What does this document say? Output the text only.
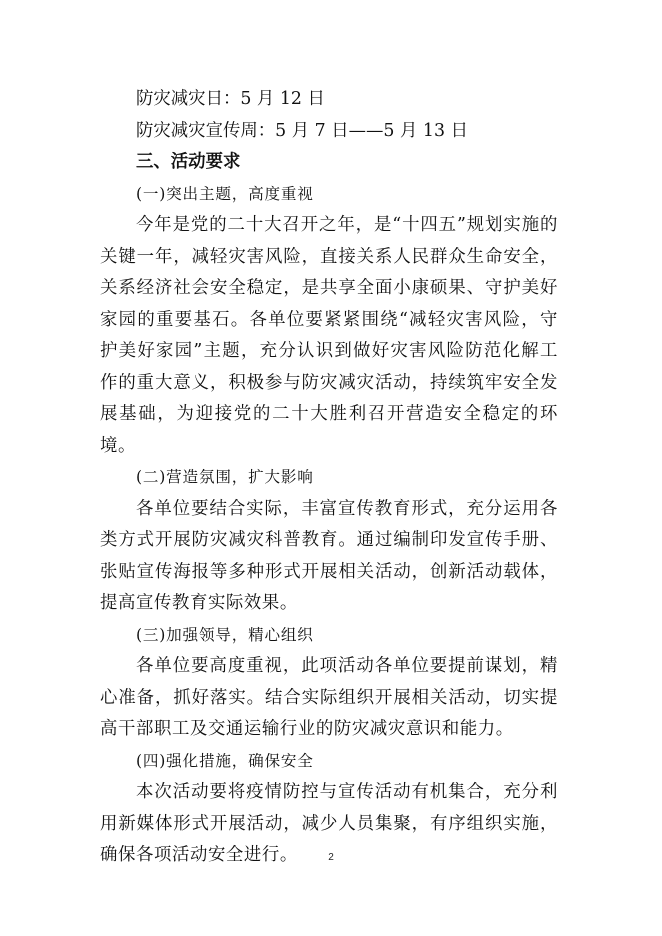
防灾减灾日：5 月 12 日
防灾减灾宣传周：5 月 7 日——5 月 13 日
三、活动要求
(一)突出主题，高度重视

今年是党的二十大召开之年，是“十四五”规划实施的关键一年，减轻灾害风险，直接关系人民群众生命安全，关系经济社会安全稳定，是共享全面小康硕果、守护美好家园的重要基石。各单位要紧紧围绕“减轻灾害风险，守护美好家园”主题，充分认识到做好灾害风险防范化解工作的重大意义，积极参与防灾减灾活动，持续筑牢安全发展基础，为迎接党的二十大胜利召开营造安全稳定的环境。

(二)营造氛围，扩大影响

各单位要结合实际，丰富宣传教育形式，充分运用各类方式开展防灾减灾科普教育。通过编制印发宣传手册、张贴宣传海报等多种形式开展相关活动，创新活动载体，提高宣传教育实际效果。

(三)加强领导，精心组织

各单位要高度重视，此项活动各单位要提前谋划，精心准备，抓好落实。结合实际组织开展相关活动，切实提高干部职工及交通运输行业的防灾减灾意识和能力。

(四)强化措施，确保安全

本次活动要将疫情防控与宣传活动有机集合，充分利用新媒体形式开展活动，减少人员集聚，有序组织实施，确保各项活动安全进行。	2
